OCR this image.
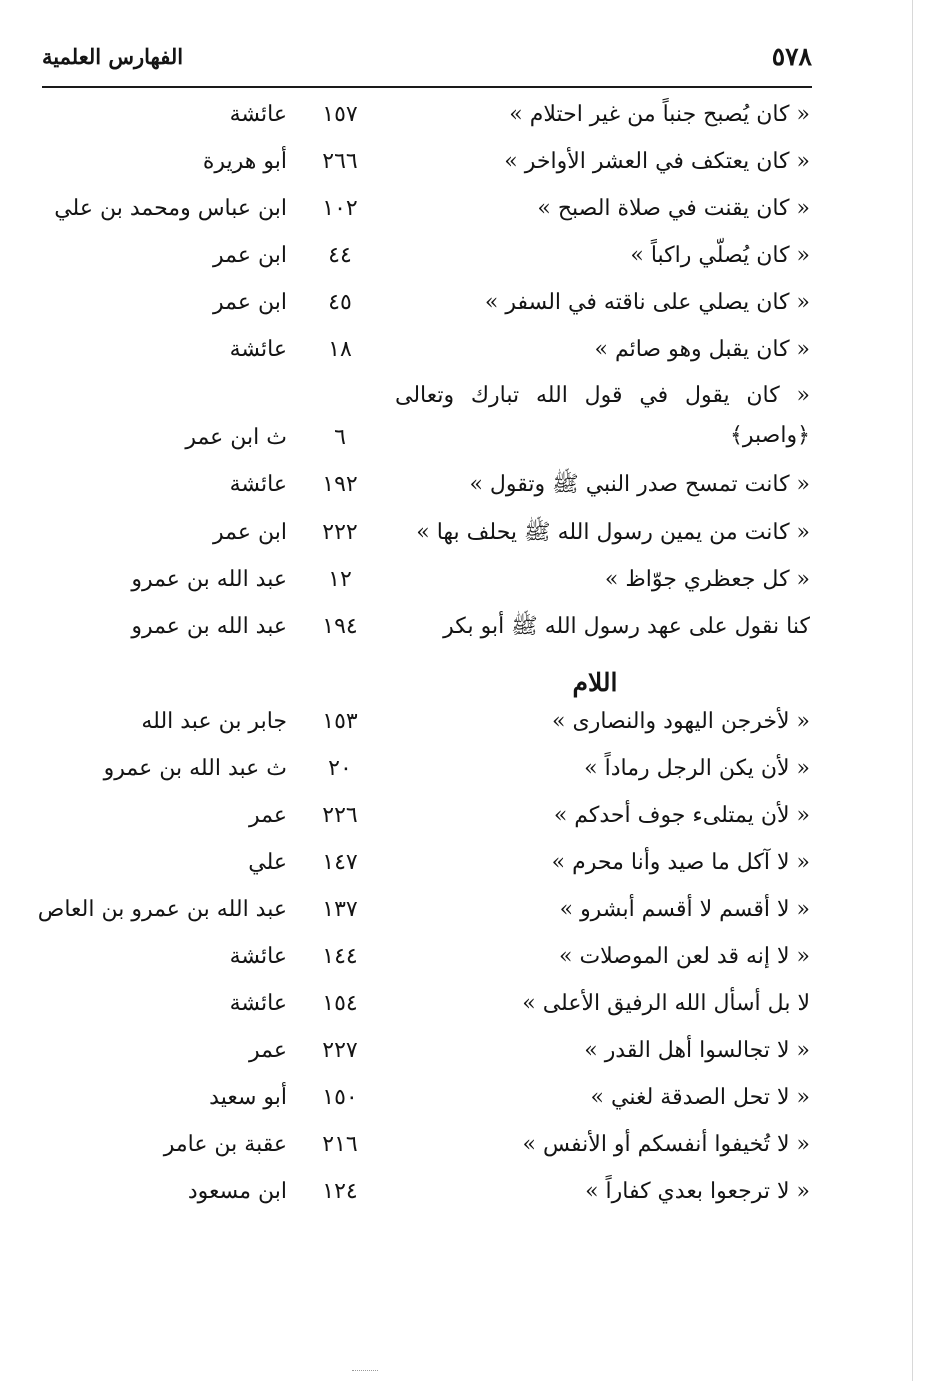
٥٧٨
الفهارس العلمية
« كان يُصبح جنباً من غير احتلام »
١٥٧
عائشة
« كان يعتكف في العشر الأواخر »
٢٦٦
أبو هريرة
« كان يقنت في صلاة الصبح »
١٠٢
ابن عباس ومحمد بن علي
« كان يُصلّي راكباً »
٤٤
ابن عمر
« كان يصلي على ناقته في السفر »
٤٥
ابن عمر
« كان يقبل وهو صائم »
١٨
عائشة
« كان يقول في قول الله تبارك وتعالى ﴿واصبر﴾
٦
ث ابن عمر
« كانت تمسح صدر النبي ﷺ وتقول »
١٩٢
عائشة
« كانت من يمين رسول الله ﷺ يحلف بها »
٢٢٢
ابن عمر
« كل جعظري جوّاظ »
١٢
عبد الله بن عمرو
كنا نقول على عهد رسول الله ﷺ أبو بكر
١٩٤
عبد الله بن عمرو
اللام
« لأخرجن اليهود والنصارى »
١٥٣
جابر بن عبد الله
« لأن يكن الرجل رماداً »
٢٠
ث عبد الله بن عمرو
« لأن يمتلىء جوف أحدكم »
٢٢٦
عمر
« لا آكل ما صيد وأنا محرم »
١٤٧
علي
« لا أقسم لا أقسم أبشرو »
١٣٧
عبد الله بن عمرو بن العاص
« لا إنه قد لعن الموصلات »
١٤٤
عائشة
لا بل أسأل الله الرفيق الأعلى »
١٥٤
عائشة
« لا تجالسوا أهل القدر »
٢٢٧
عمر
« لا تحل الصدقة لغني »
١٥٠
أبو سعيد
« لا تُخيفوا أنفسكم أو الأنفس »
٢١٦
عقبة بن عامر
« لا ترجعوا بعدي كفاراً »
١٢٤
ابن مسعود
